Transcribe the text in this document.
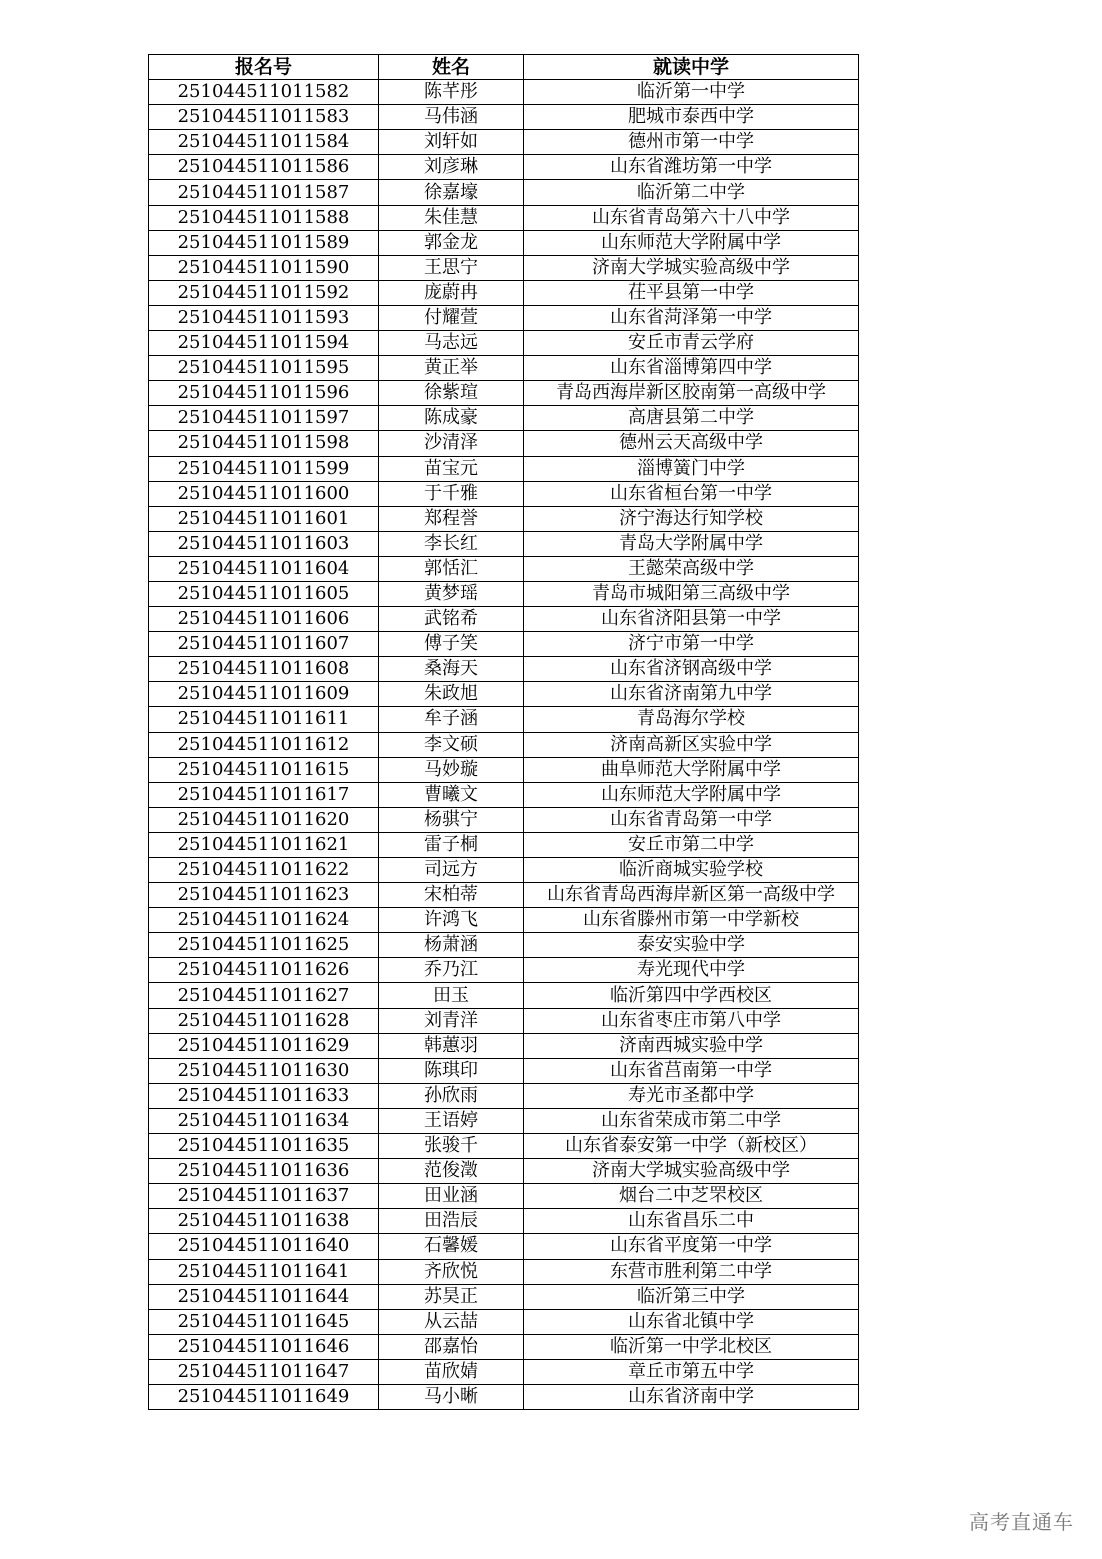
报名号	姓名	就读中学
251044511011582	陈芊彤	临沂第一中学
251044511011583	马伟涵	肥城市泰西中学
251044511011584	刘轩如	德州市第一中学
251044511011586	刘彦琳	山东省潍坊第一中学
251044511011587	徐嘉壕	临沂第二中学
251044511011588	朱佳慧	山东省青岛第六十八中学
251044511011589	郭金龙	山东师范大学附属中学
251044511011590	王思宁	济南大学城实验高级中学
251044511011592	庞蔚冉	茌平县第一中学
251044511011593	付耀萱	山东省菏泽第一中学
251044511011594	马志远	安丘市青云学府
251044511011595	黄正举	山东省淄博第四中学
251044511011596	徐紫瑄	青岛西海岸新区胶南第一高级中学
251044511011597	陈成豪	高唐县第二中学
251044511011598	沙清泽	德州云天高级中学
251044511011599	苗宝元	淄博簧门中学
251044511011600	于千雅	山东省桓台第一中学
251044511011601	郑程誉	济宁海达行知学校
251044511011603	李长红	青岛大学附属中学
251044511011604	郭恬汇	王懿荣高级中学
251044511011605	黄梦瑶	青岛市城阳第三高级中学
251044511011606	武铭希	山东省济阳县第一中学
251044511011607	傅子笑	济宁市第一中学
251044511011608	桑海天	山东省济钢高级中学
251044511011609	朱政旭	山东省济南第九中学
251044511011611	牟子涵	青岛海尔学校
251044511011612	李文硕	济南高新区实验中学
251044511011615	马妙璇	曲阜师范大学附属中学
251044511011617	曹曦文	山东师范大学附属中学
251044511011620	杨骐宁	山东省青岛第一中学
251044511011621	雷子桐	安丘市第二中学
251044511011622	司远方	临沂商城实验学校
251044511011623	宋柏蒂	山东省青岛西海岸新区第一高级中学
251044511011624	许鸿飞	山东省滕州市第一中学新校
251044511011625	杨萧涵	泰安实验中学
251044511011626	乔乃江	寿光现代中学
251044511011627	田玉	临沂第四中学西校区
251044511011628	刘青洋	山东省枣庄市第八中学
251044511011629	韩蕙羽	济南西城实验中学
251044511011630	陈琪印	山东省莒南第一中学
251044511011633	孙欣雨	寿光市圣都中学
251044511011634	王语婷	山东省荣成市第二中学
251044511011635	张骏千	山东省泰安第一中学（新校区）
251044511011636	范俊澂	济南大学城实验高级中学
251044511011637	田业涵	烟台二中芝罘校区
251044511011638	田浩辰	山东省昌乐二中
251044511011640	石馨媛	山东省平度第一中学
251044511011641	齐欣悦	东营市胜利第二中学
251044511011644	苏昊正	临沂第三中学
251044511011645	从云喆	山东省北镇中学
251044511011646	邵嘉怡	临沂第一中学北校区
251044511011647	苗欣婧	章丘市第五中学
251044511011649	马小晰	山东省济南中学
高考直通车
